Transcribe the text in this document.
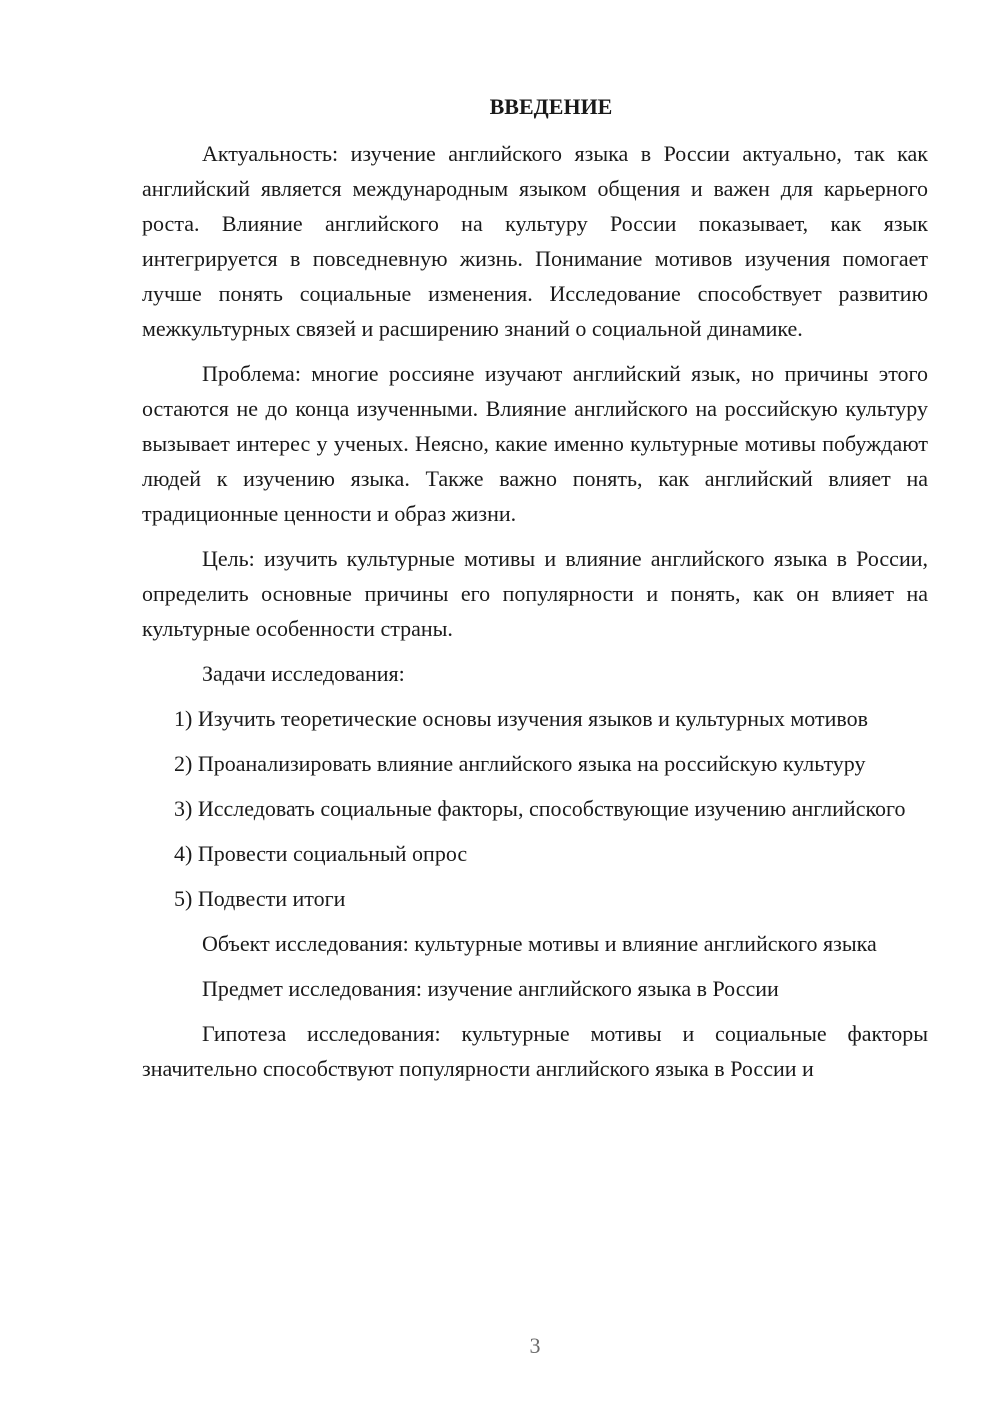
ВВЕДЕНИЕ

Актуальность: изучение английского языка в России актуально, так как английский является международным языком общения и важен для карьерного роста. Влияние английского на культуру России показывает, как язык интегрируется в повседневную жизнь. Понимание мотивов изучения помогает лучше понять социальные изменения. Исследование способствует развитию межкультурных связей и расширению знаний о социальной динамике.

Проблема: многие россияне изучают английский язык, но причины этого остаются не до конца изученными. Влияние английского на российскую культуру вызывает интерес у ученых. Неясно, какие именно культурные мотивы побуждают людей к изучению языка. Также важно понять, как английский влияет на традиционные ценности и образ жизни.

Цель: изучить культурные мотивы и влияние английского языка в России, определить основные причины его популярности и понять, как он влияет на культурные особенности страны.

Задачи исследования:

1) Изучить теоретические основы изучения языков и культурных мотивов

2) Проанализировать влияние английского языка на российскую культуру

3) Исследовать социальные факторы, способствующие изучению английского

4) Провести социальный опрос

5) Подвести итоги

Объект исследования: культурные мотивы и влияние английского языка

Предмет исследования: изучение английского языка в России

Гипотеза исследования: культурные мотивы и социальные факторы значительно способствуют популярности английского языка в России и

3
